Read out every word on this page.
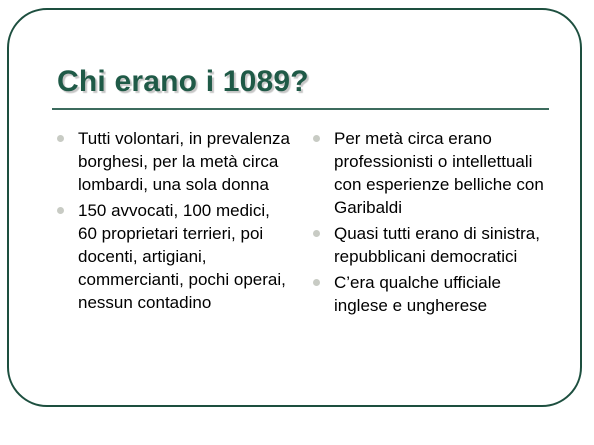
Chi erano i 1089?
Tutti volontari, in prevalenza borghesi, per la metà circa lombardi, una sola donna
150 avvocati, 100 medici, 60 proprietari terrieri, poi docenti, artigiani, commercianti, pochi operai, nessun contadino
Per metà circa erano professionisti o intellettuali con esperienze belliche con Garibaldi
Quasi tutti erano di sinistra, repubblicani democratici
C’era qualche ufficiale inglese e ungherese
